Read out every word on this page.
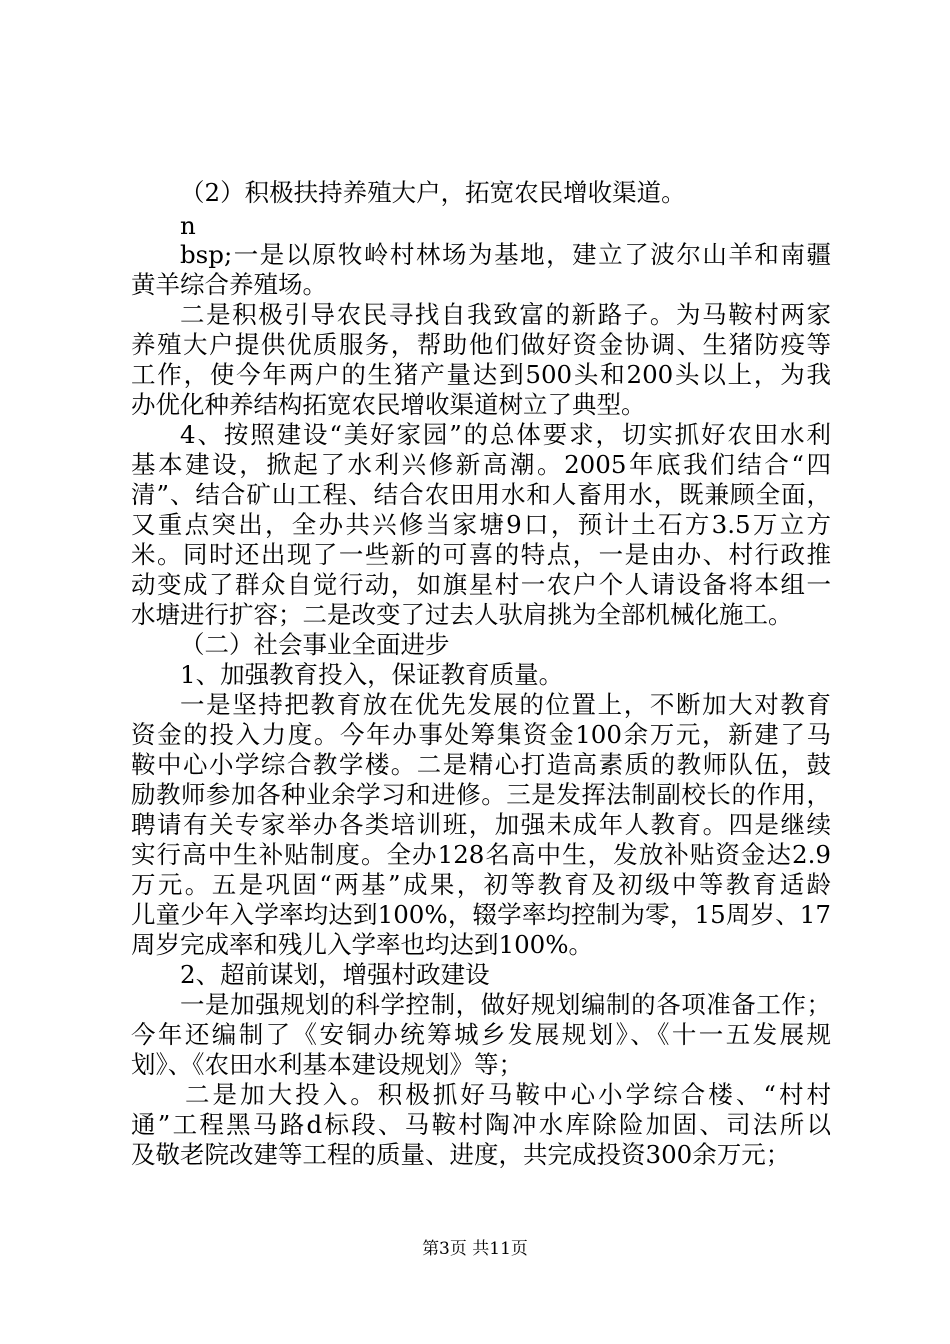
（2）积极扶持养殖大户，拓宽农民增收渠道。
n
bsp;一是以原牧岭村林场为基地，建立了波尔山羊和南疆
黄羊综合养殖场。
二是积极引导农民寻找自我致富的新路子。为马鞍村两家
养殖大户提供优质服务，帮助他们做好资金协调、生猪防疫等
工作，使今年两户的生猪产量达到500头和200头以上，为我
办优化种养结构拓宽农民增收渠道树立了典型。
4、按照建设“美好家园”的总体要求，切实抓好农田水利
基本建设，掀起了水利兴修新高潮。2005年底我们结合“四
清”、结合矿山工程、结合农田用水和人畜用水，既兼顾全面，
又重点突出，全办共兴修当家塘9口，预计土石方3.5万立方
米。同时还出现了一些新的可喜的特点，一是由办、村行政推
动变成了群众自觉行动，如旗星村一农户个人请设备将本组一
水塘进行扩容；二是改变了过去人驮肩挑为全部机械化施工。
（二）社会事业全面进步
1、加强教育投入，保证教育质量。
一是坚持把教育放在优先发展的位置上，不断加大对教育
资金的投入力度。今年办事处筹集资金100余万元，新建了马
鞍中心小学综合教学楼。二是精心打造高素质的教师队伍，鼓
励教师参加各种业余学习和进修。三是发挥法制副校长的作用，
聘请有关专家举办各类培训班，加强未成年人教育。四是继续
实行高中生补贴制度。全办128名高中生，发放补贴资金达2.9
万元。五是巩固“两基”成果，初等教育及初级中等教育适龄
儿童少年入学率均达到100%，辍学率均控制为零，15周岁、17
周岁完成率和残儿入学率也均达到100%。
2、超前谋划，增强村政建设
一是加强规划的科学控制，做好规划编制的各项准备工作；
今年还编制了《安铜办统筹城乡发展规划》、《十一五发展规
划》、《农田水利基本建设规划》等；
二是加大投入。积极抓好马鞍中心小学综合楼、“村村
通”工程黑马路d标段、马鞍村陶冲水库除险加固、司法所以
及敬老院改建等工程的质量、进度，共完成投资300余万元；
第3页 共11页
